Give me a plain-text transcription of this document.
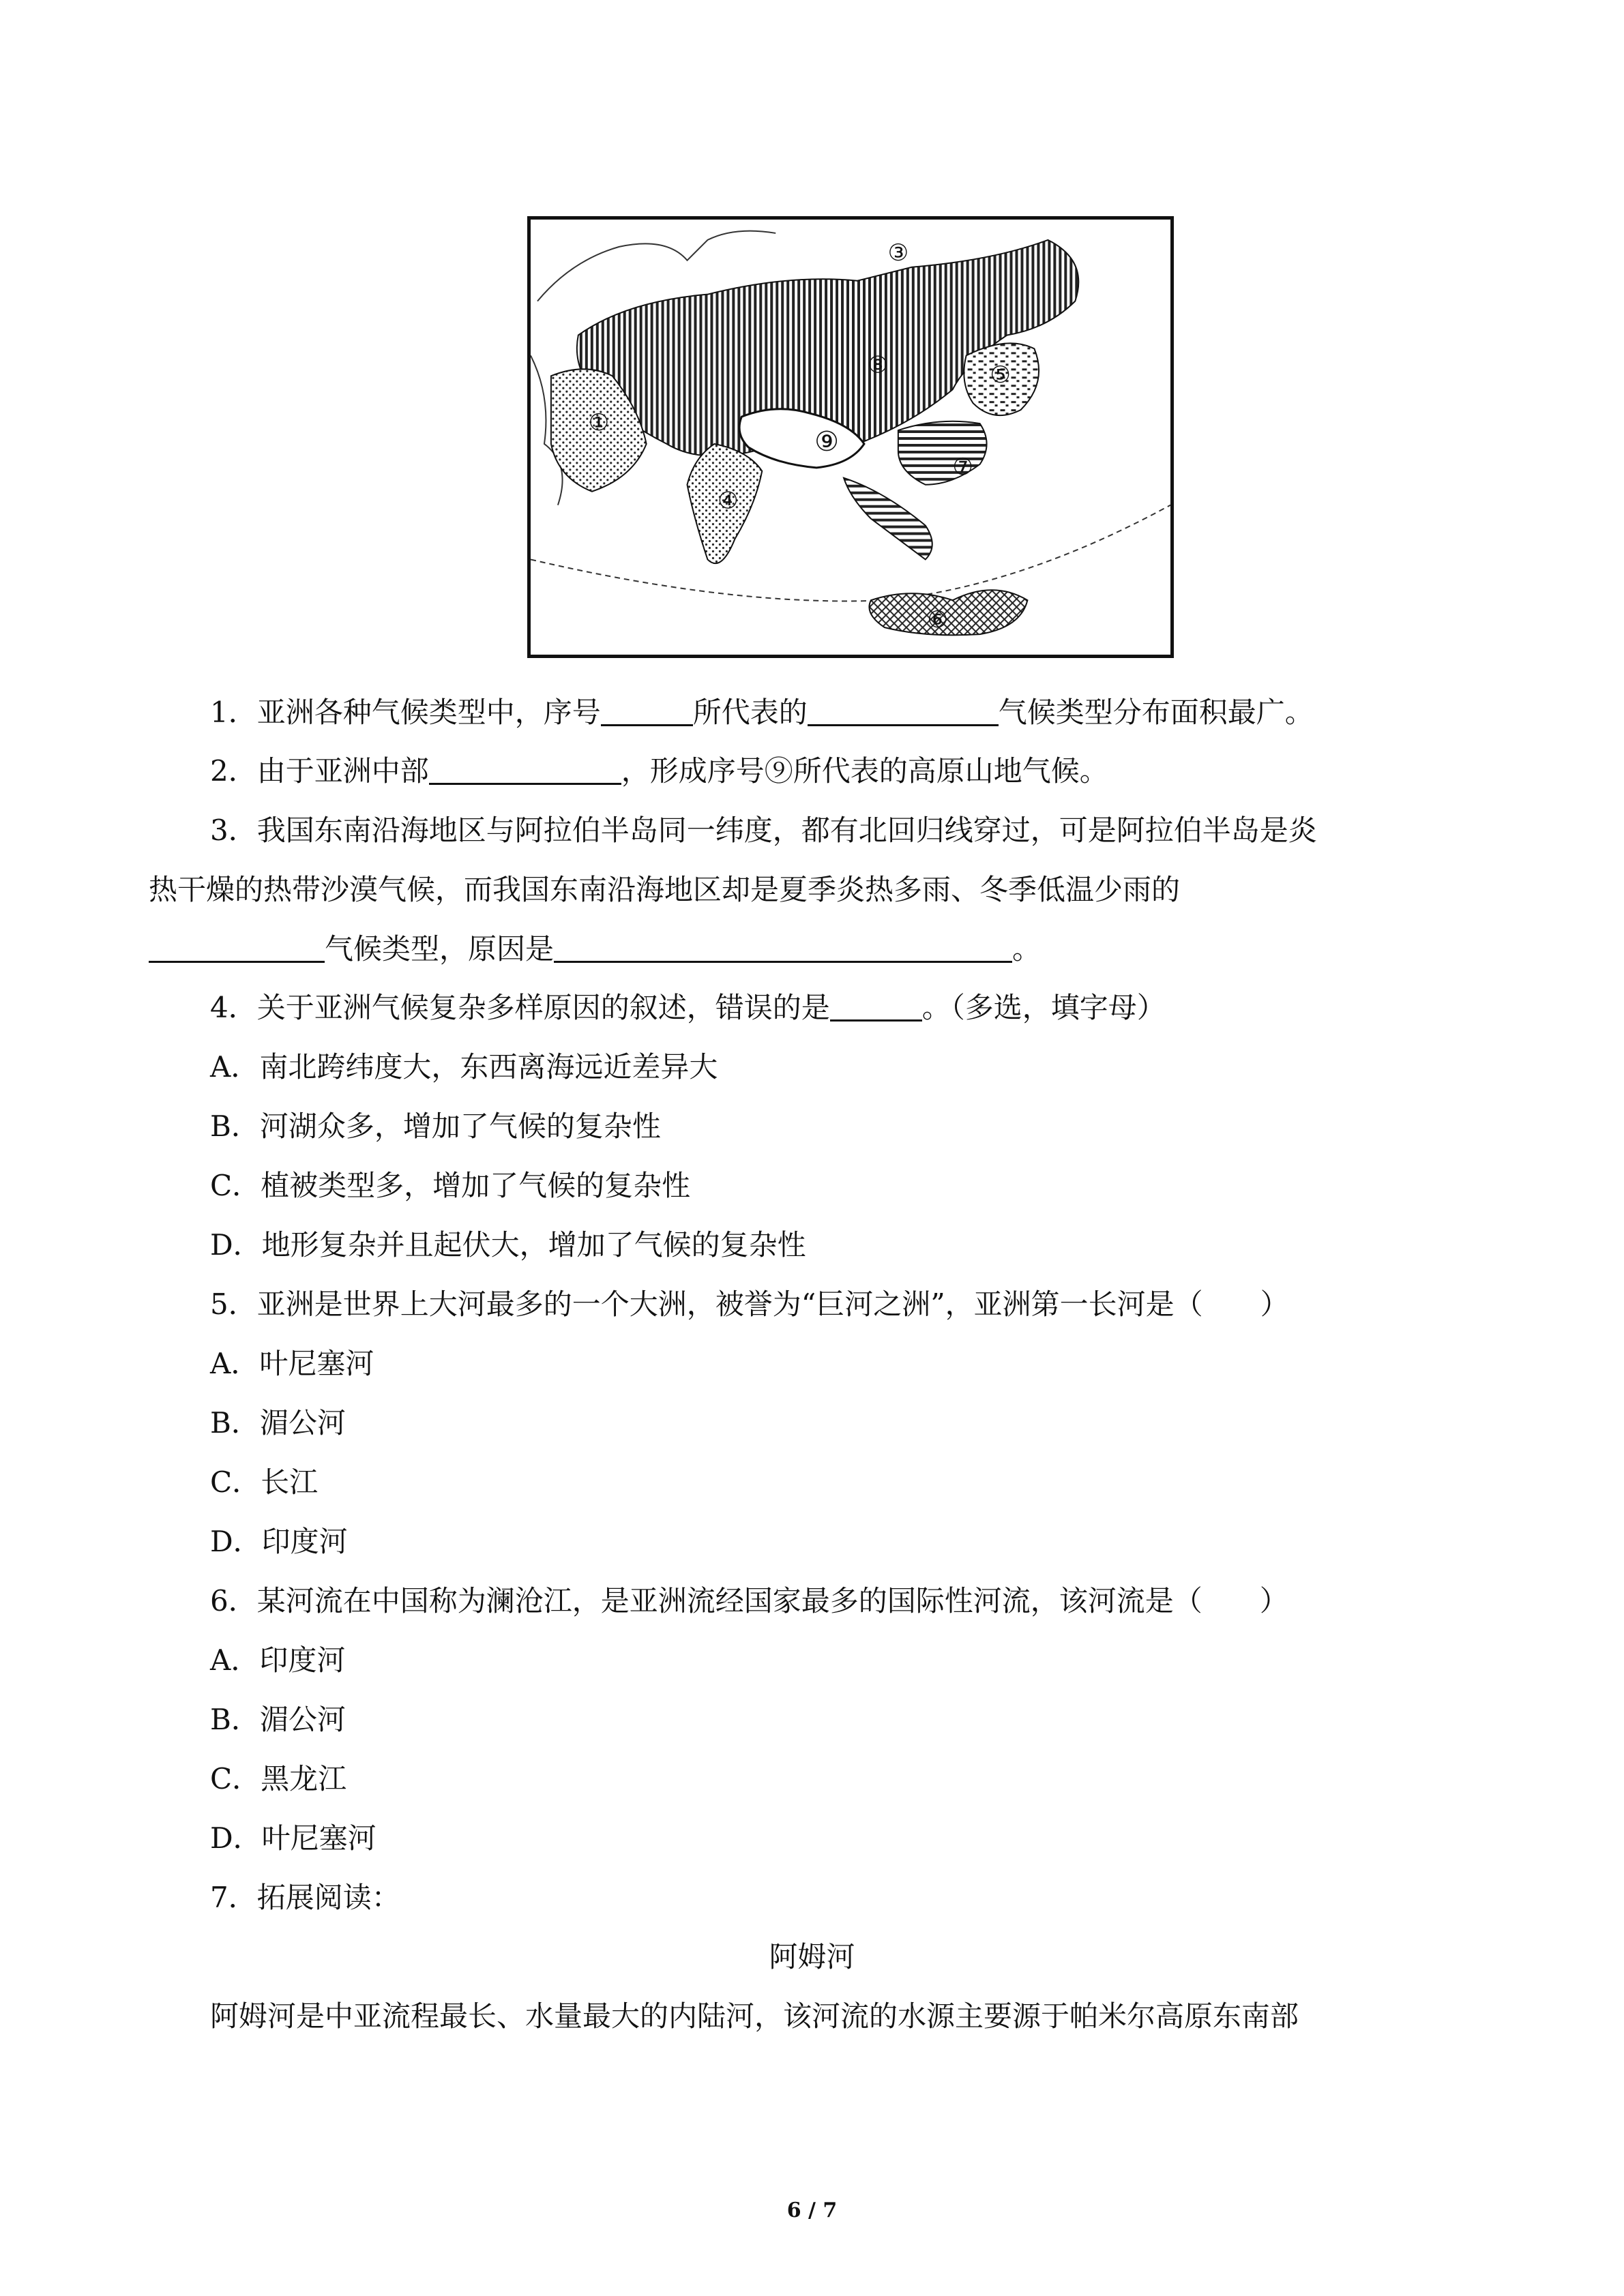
①
③
④
⑤
⑥
⑦
⑧
⑨
1．亚洲各种气候类型中，序号	所代表的	气候类型分布面积最广。
2．由于亚洲中部	，形成序号⑨所代表的高原山地气候。
3．我国东南沿海地区与阿拉伯半岛同一纬度，都有北回归线穿过，可是阿拉伯半岛是炎
热干燥的热带沙漠气候，而我国东南沿海地区却是夏季炎热多雨、冬季低温少雨的
气候类型，原因是	。
4．关于亚洲气候复杂多样原因的叙述，错误的是	。（多选，填字母）
A．南北跨纬度大，东西离海远近差异大
B．河湖众多，增加了气候的复杂性
C．植被类型多，增加了气候的复杂性
D．地形复杂并且起伏大，增加了气候的复杂性
5．亚洲是世界上大河最多的一个大洲，被誉为“巨河之洲”，亚洲第一长河是（　　）
A．叶尼塞河
B．湄公河
C．长江
D．印度河
6．某河流在中国称为澜沧江，是亚洲流经国家最多的国际性河流，该河流是（　　）
A．印度河
B．湄公河
C．黑龙江
D．叶尼塞河
7．拓展阅读：
阿姆河
阿姆河是中亚流程最长、水量最大的内陆河，该河流的水源主要源于帕米尔高原东南部
6 / 7
